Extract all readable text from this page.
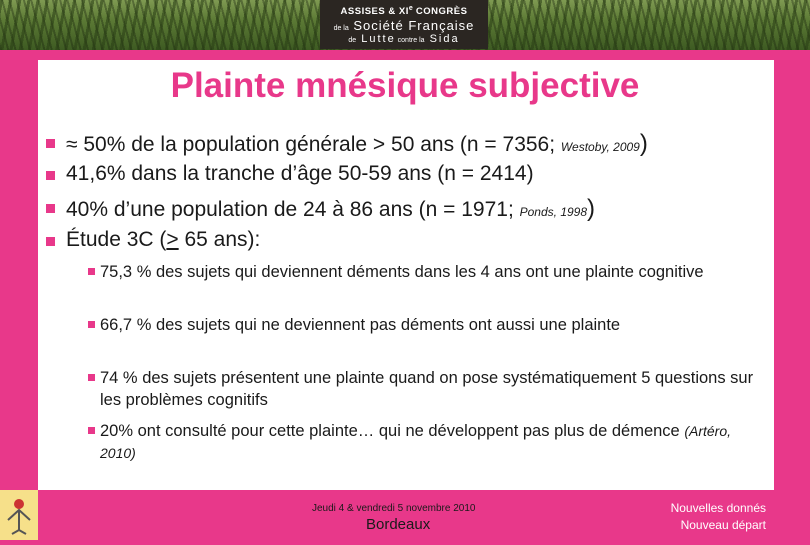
ASSISES & XIe CONGRÈS
de la Société Française
de Lutte contre la Sida
Plainte mnésique subjective
≈ 50% de la population générale > 50 ans (n = 7356; Westoby, 2009)
41,6% dans la tranche d’âge 50-59 ans (n = 2414)
40% d’une population de 24 à 86 ans (n = 1971; Ponds, 1998)
Étude 3C (> 65 ans):
75,3 % des sujets qui deviennent déments dans les 4 ans ont une plainte cognitive
66,7 % des sujets qui ne deviennent pas déments ont aussi une plainte
74 % des sujets présentent une plainte quand on pose systématiquement 5 questions sur les problèmes cognitifs
20% ont consulté pour cette plainte… qui ne développent pas plus de démence (Artéro, 2010)
Jeudi 4 & vendredi 5 novembre 2010
Bordeaux
Nouvelles donnés
Nouveau départ
